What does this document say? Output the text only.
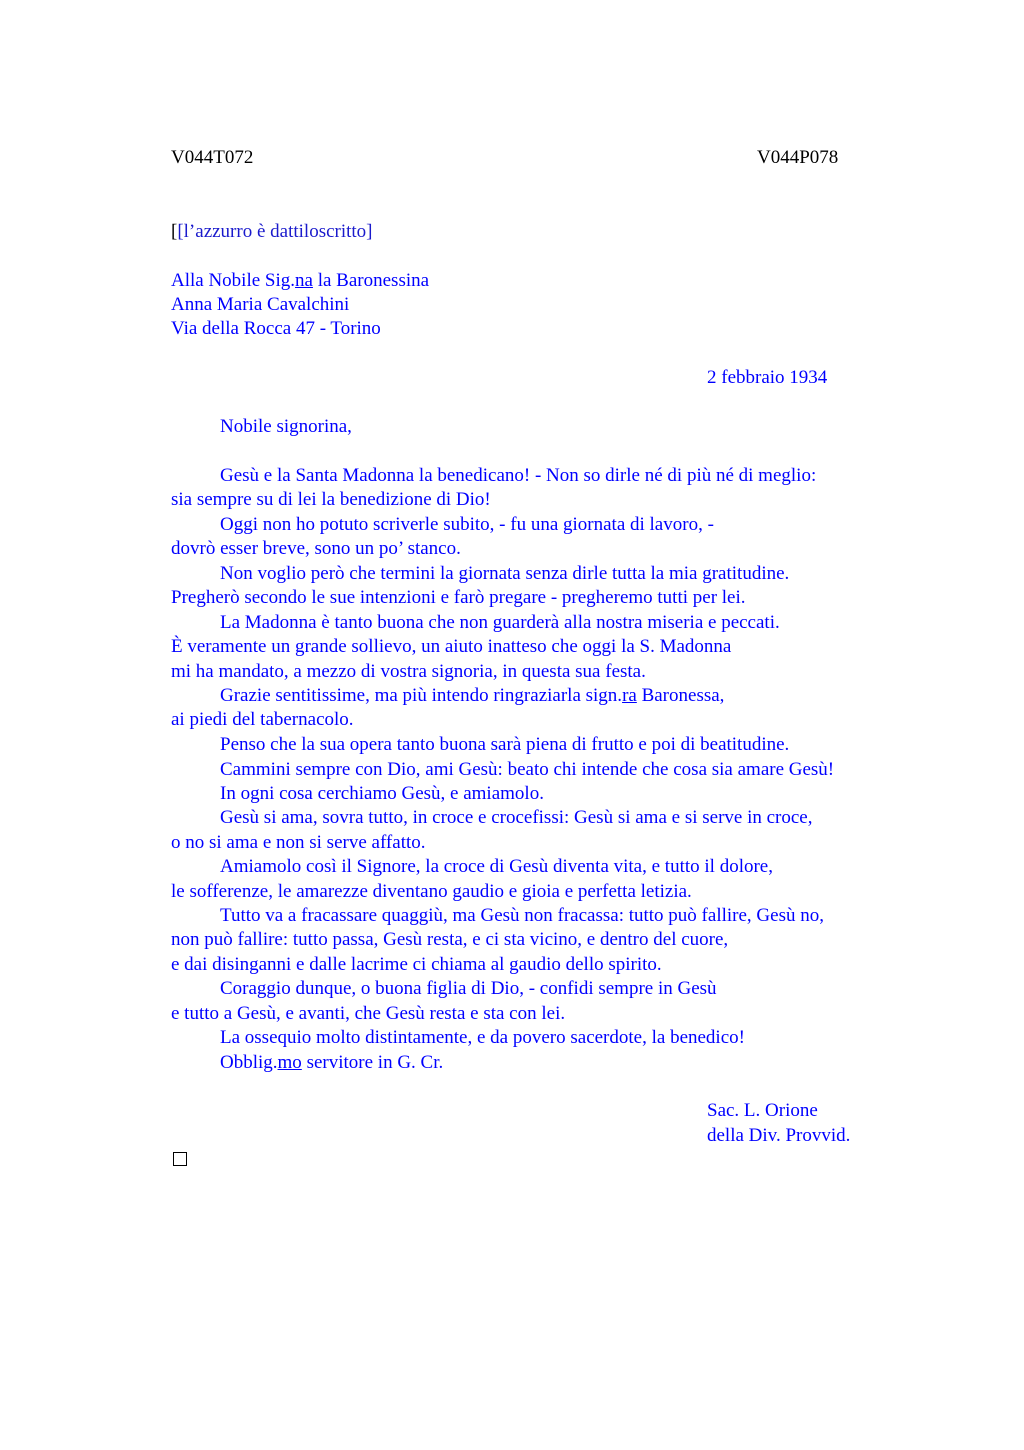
V044T072	V044P078
[[l’azzurro è dattiloscritto]
Alla Nobile Sig.na la Baronessina
Anna Maria Cavalchini
Via della Rocca 47 - Torino
2 febbraio 1934
Nobile signorina,
Gesù e la Santa Madonna la benedicano! - Non so dirle né di più né di meglio:
sia sempre su di lei la benedizione di Dio!
Oggi non ho potuto scriverle subito, - fu una giornata di lavoro, -
dovrò esser breve, sono un po’ stanco.
Non voglio però che termini la giornata senza dirle tutta la mia gratitudine.
Pregherò secondo le sue intenzioni e farò pregare - pregheremo tutti per lei.
La Madonna è tanto buona che non guarderà alla nostra miseria e peccati.
È veramente un grande sollievo, un aiuto inatteso che oggi la S. Madonna
mi ha mandato, a mezzo di vostra signoria, in questa sua festa.
Grazie sentitissime, ma più intendo ringraziarla sign.ra Baronessa,
ai piedi del tabernacolo.
Penso che la sua opera tanto buona sarà piena di frutto e poi di beatitudine.
Cammini sempre con Dio, ami Gesù: beato chi intende che cosa sia amare Gesù!
In ogni cosa cerchiamo Gesù, e amiamolo.
Gesù si ama, sovra tutto, in croce e crocefissi: Gesù si ama e si serve in croce,
o no si ama e non si serve affatto.
Amiamolo così il Signore, la croce di Gesù diventa vita, e tutto il dolore,
le sofferenze, le amarezze diventano gaudio e gioia e perfetta letizia.
Tutto va a fracassare quaggiù, ma Gesù non fracassa: tutto può fallire, Gesù no,
non può fallire: tutto passa, Gesù resta, e ci sta vicino, e dentro del cuore,
e dai disinganni e dalle lacrime ci chiama al gaudio dello spirito.
Coraggio dunque, o buona figlia di Dio, - confidi sempre in Gesù
e tutto a Gesù, e avanti, che Gesù resta e sta con lei.
La ossequio molto distintamente, e da povero sacerdote, la benedico!
Obblig.mo servitore in G. Cr.
Sac. L. Orione
della Div. Provvid.
